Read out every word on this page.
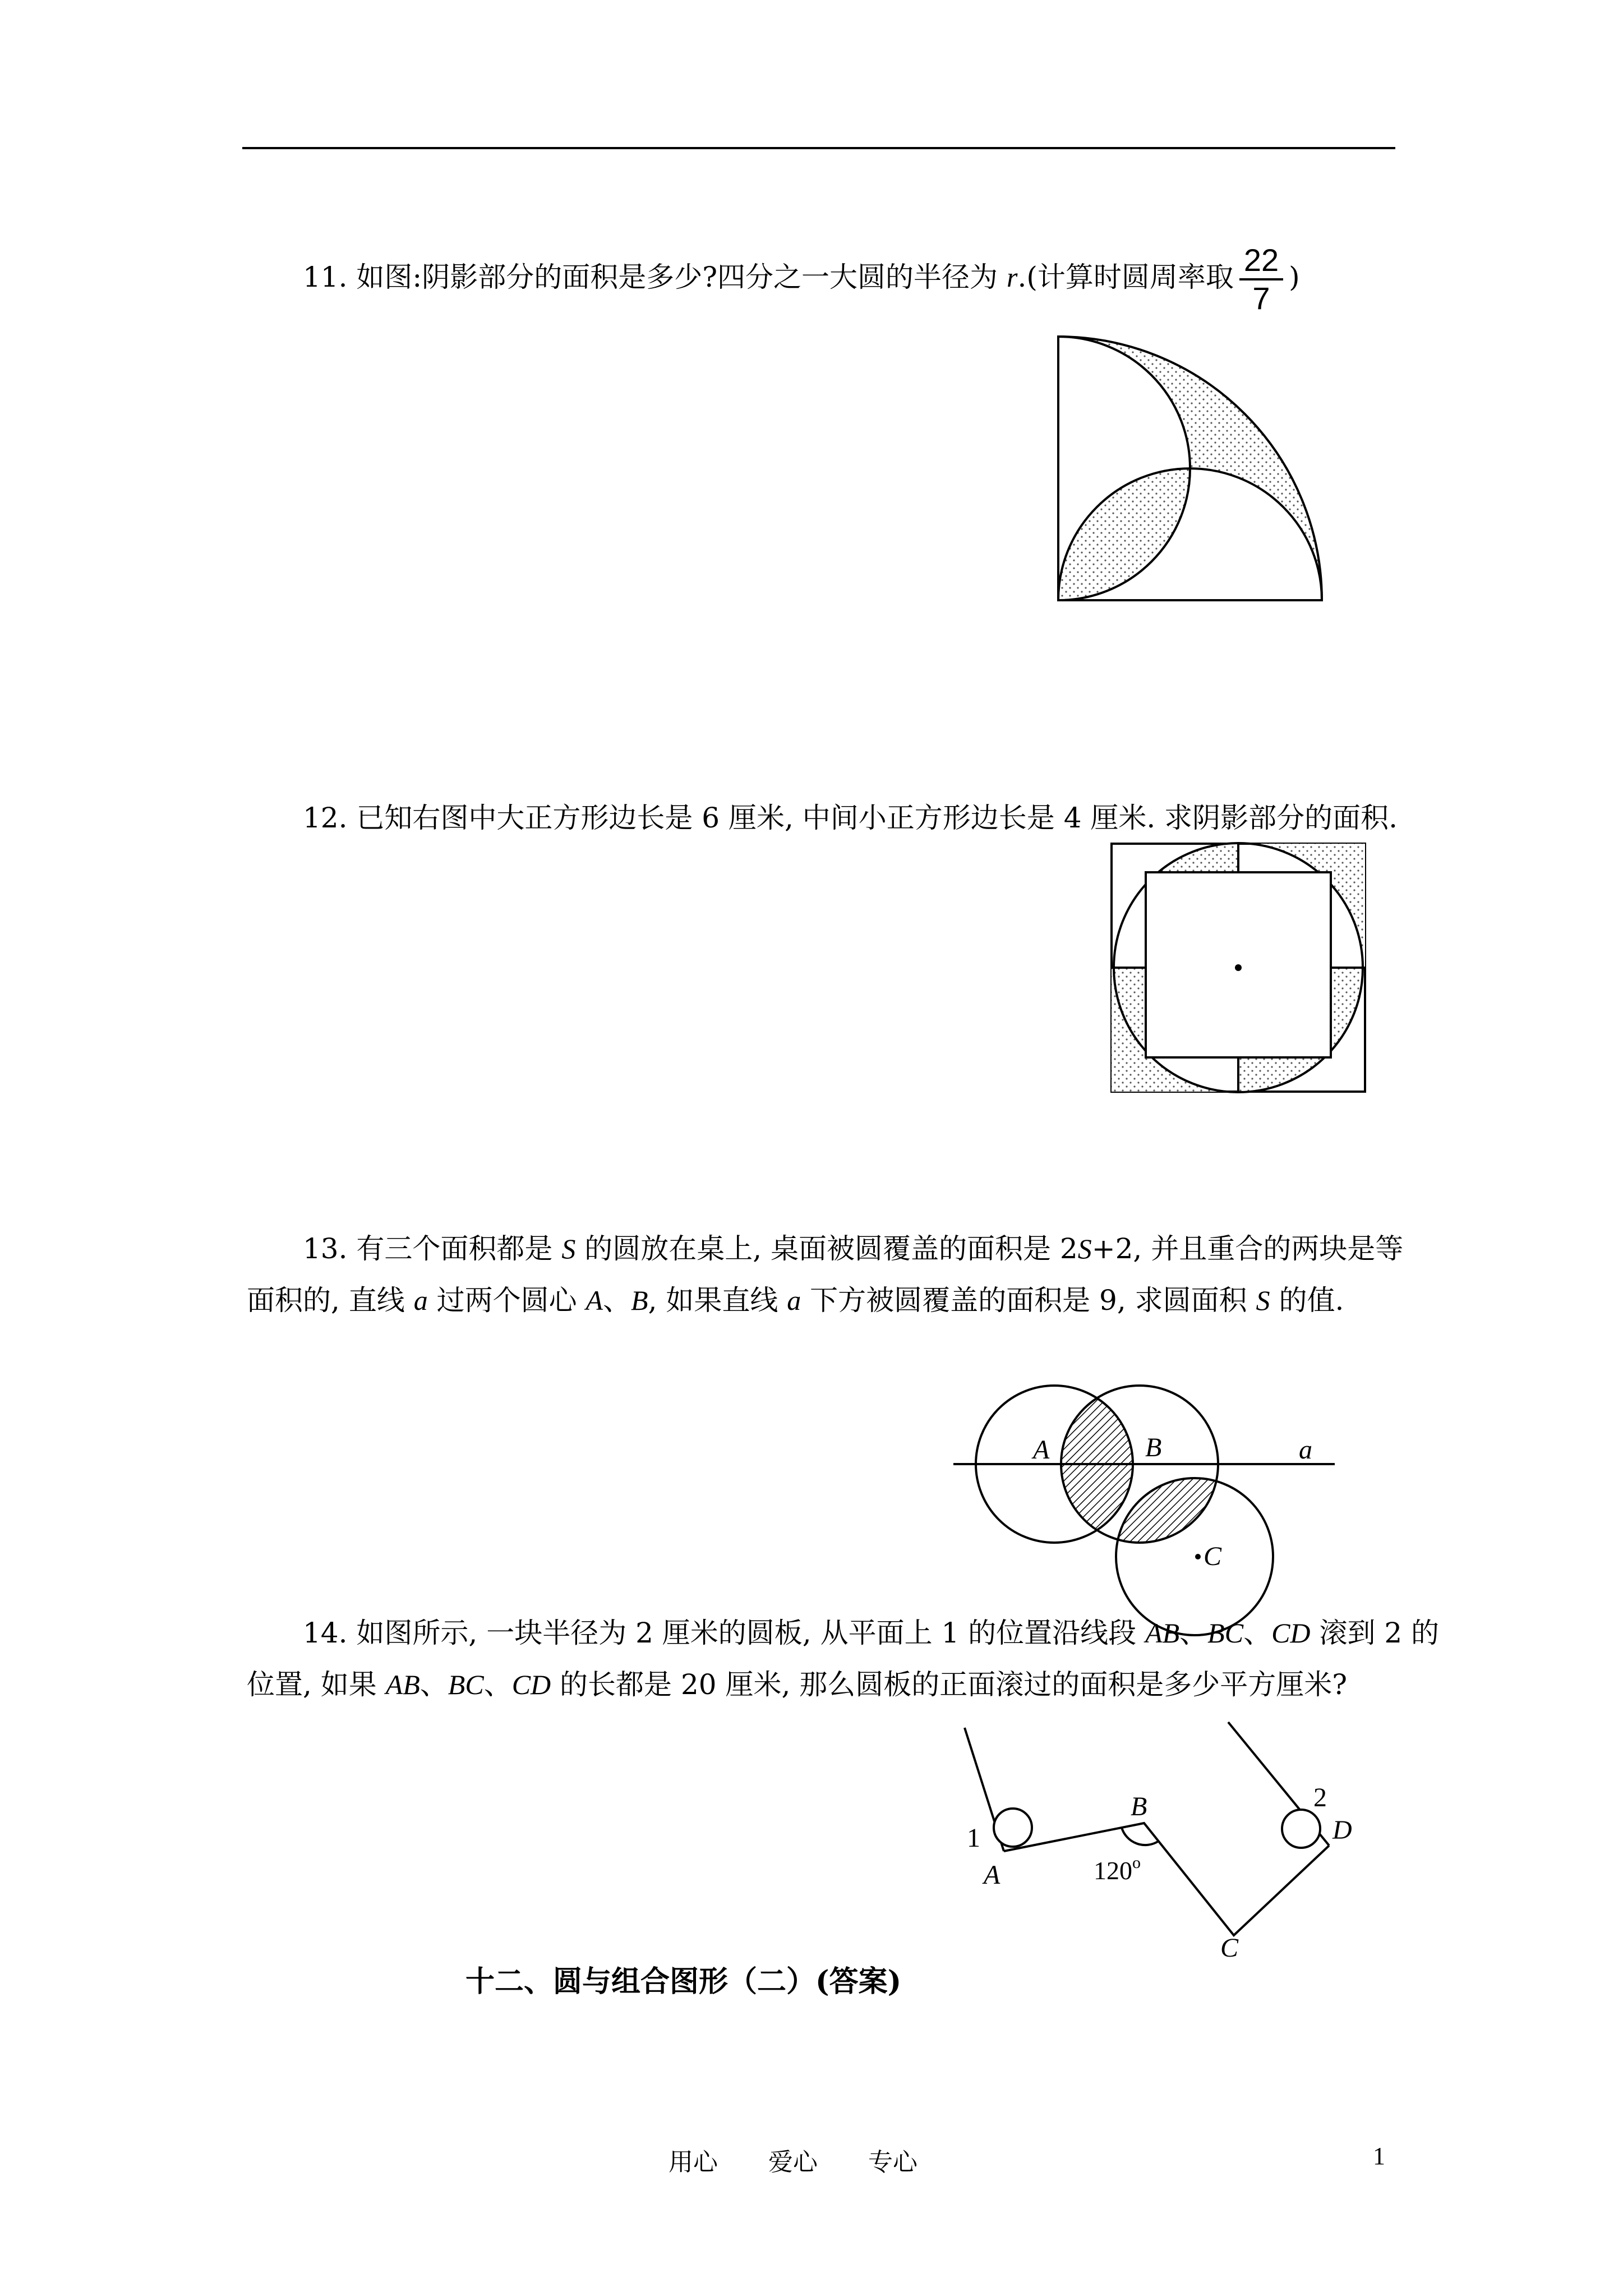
11. 如图:阴影部分的面积是多少?四分之一大圆的半径为 r.(计算时圆周率取 $\frac{22}{7}$ )
12. 已知右图中大正方形边长是 6 厘米, 中间小正方形边长是 4 厘米. 求阴影部分的面积.
13. 有三个面积都是 S 的圆放在桌上, 桌面被圆覆盖的面积是 2S+2, 并且重合的两块是等
面积的, 直线 a 过两个圆心 A、B, 如果直线 a 下方被圆覆盖的面积是 9, 求圆面积 S 的值.
A	B	a
C
14. 如图所示, 一块半径为 2 厘米的圆板, 从平面上 1 的位置沿线段 AB、BC、CD 滚到 2 的
位置, 如果 AB、BC、CD 的长都是 20 厘米, 那么圆板的正面滚过的面积是多少平方厘米?
1
A
B
120$^o$
C
2
D
十二、圆与组合图形（二）(答案)
用心 爱心 专心	1
